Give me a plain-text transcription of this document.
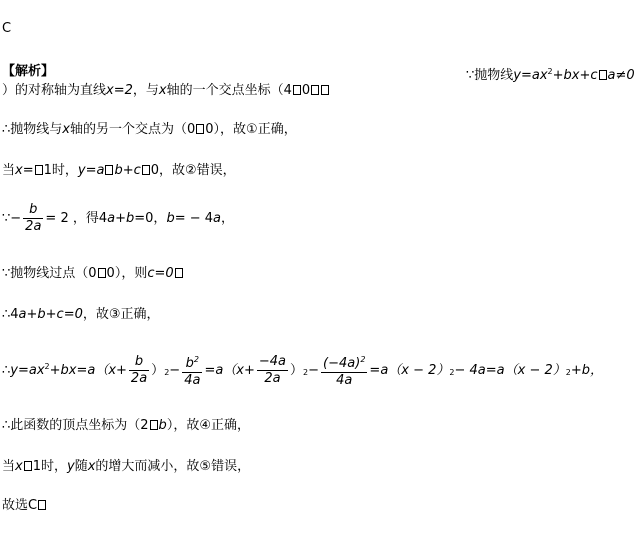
C
【解析】	∵抛物线$y=ax^2+bx+c$ a≠0
）的对称轴为直线x=2，与x轴的一个交点坐标（4 0
∴抛物线与x轴的另一个交点为（0 0），故①正确，
当x= 1时，y=a b+c 0，故②错误，
∵− $\frac{b}{2a} = 2$ ，得4a+b=0，b= − 4a，
∵抛物线过点（0 0），则c=0
∴4a+b+c=0，故③正确，
$\therefore y=ax^2+bx=a(x+ \frac{b}{2a} )2- \frac{b^2}{4a} =a(x+ \frac{-4a}{2a} )2- \frac{(-4a)^2}{4a} =a(x - 2)2- 4a=a(x - 2)2+b$，
∴此函数的顶点坐标为（2 b），故④正确，
当x 1时，y随x的增大而减小，故⑤错误，
故选C
